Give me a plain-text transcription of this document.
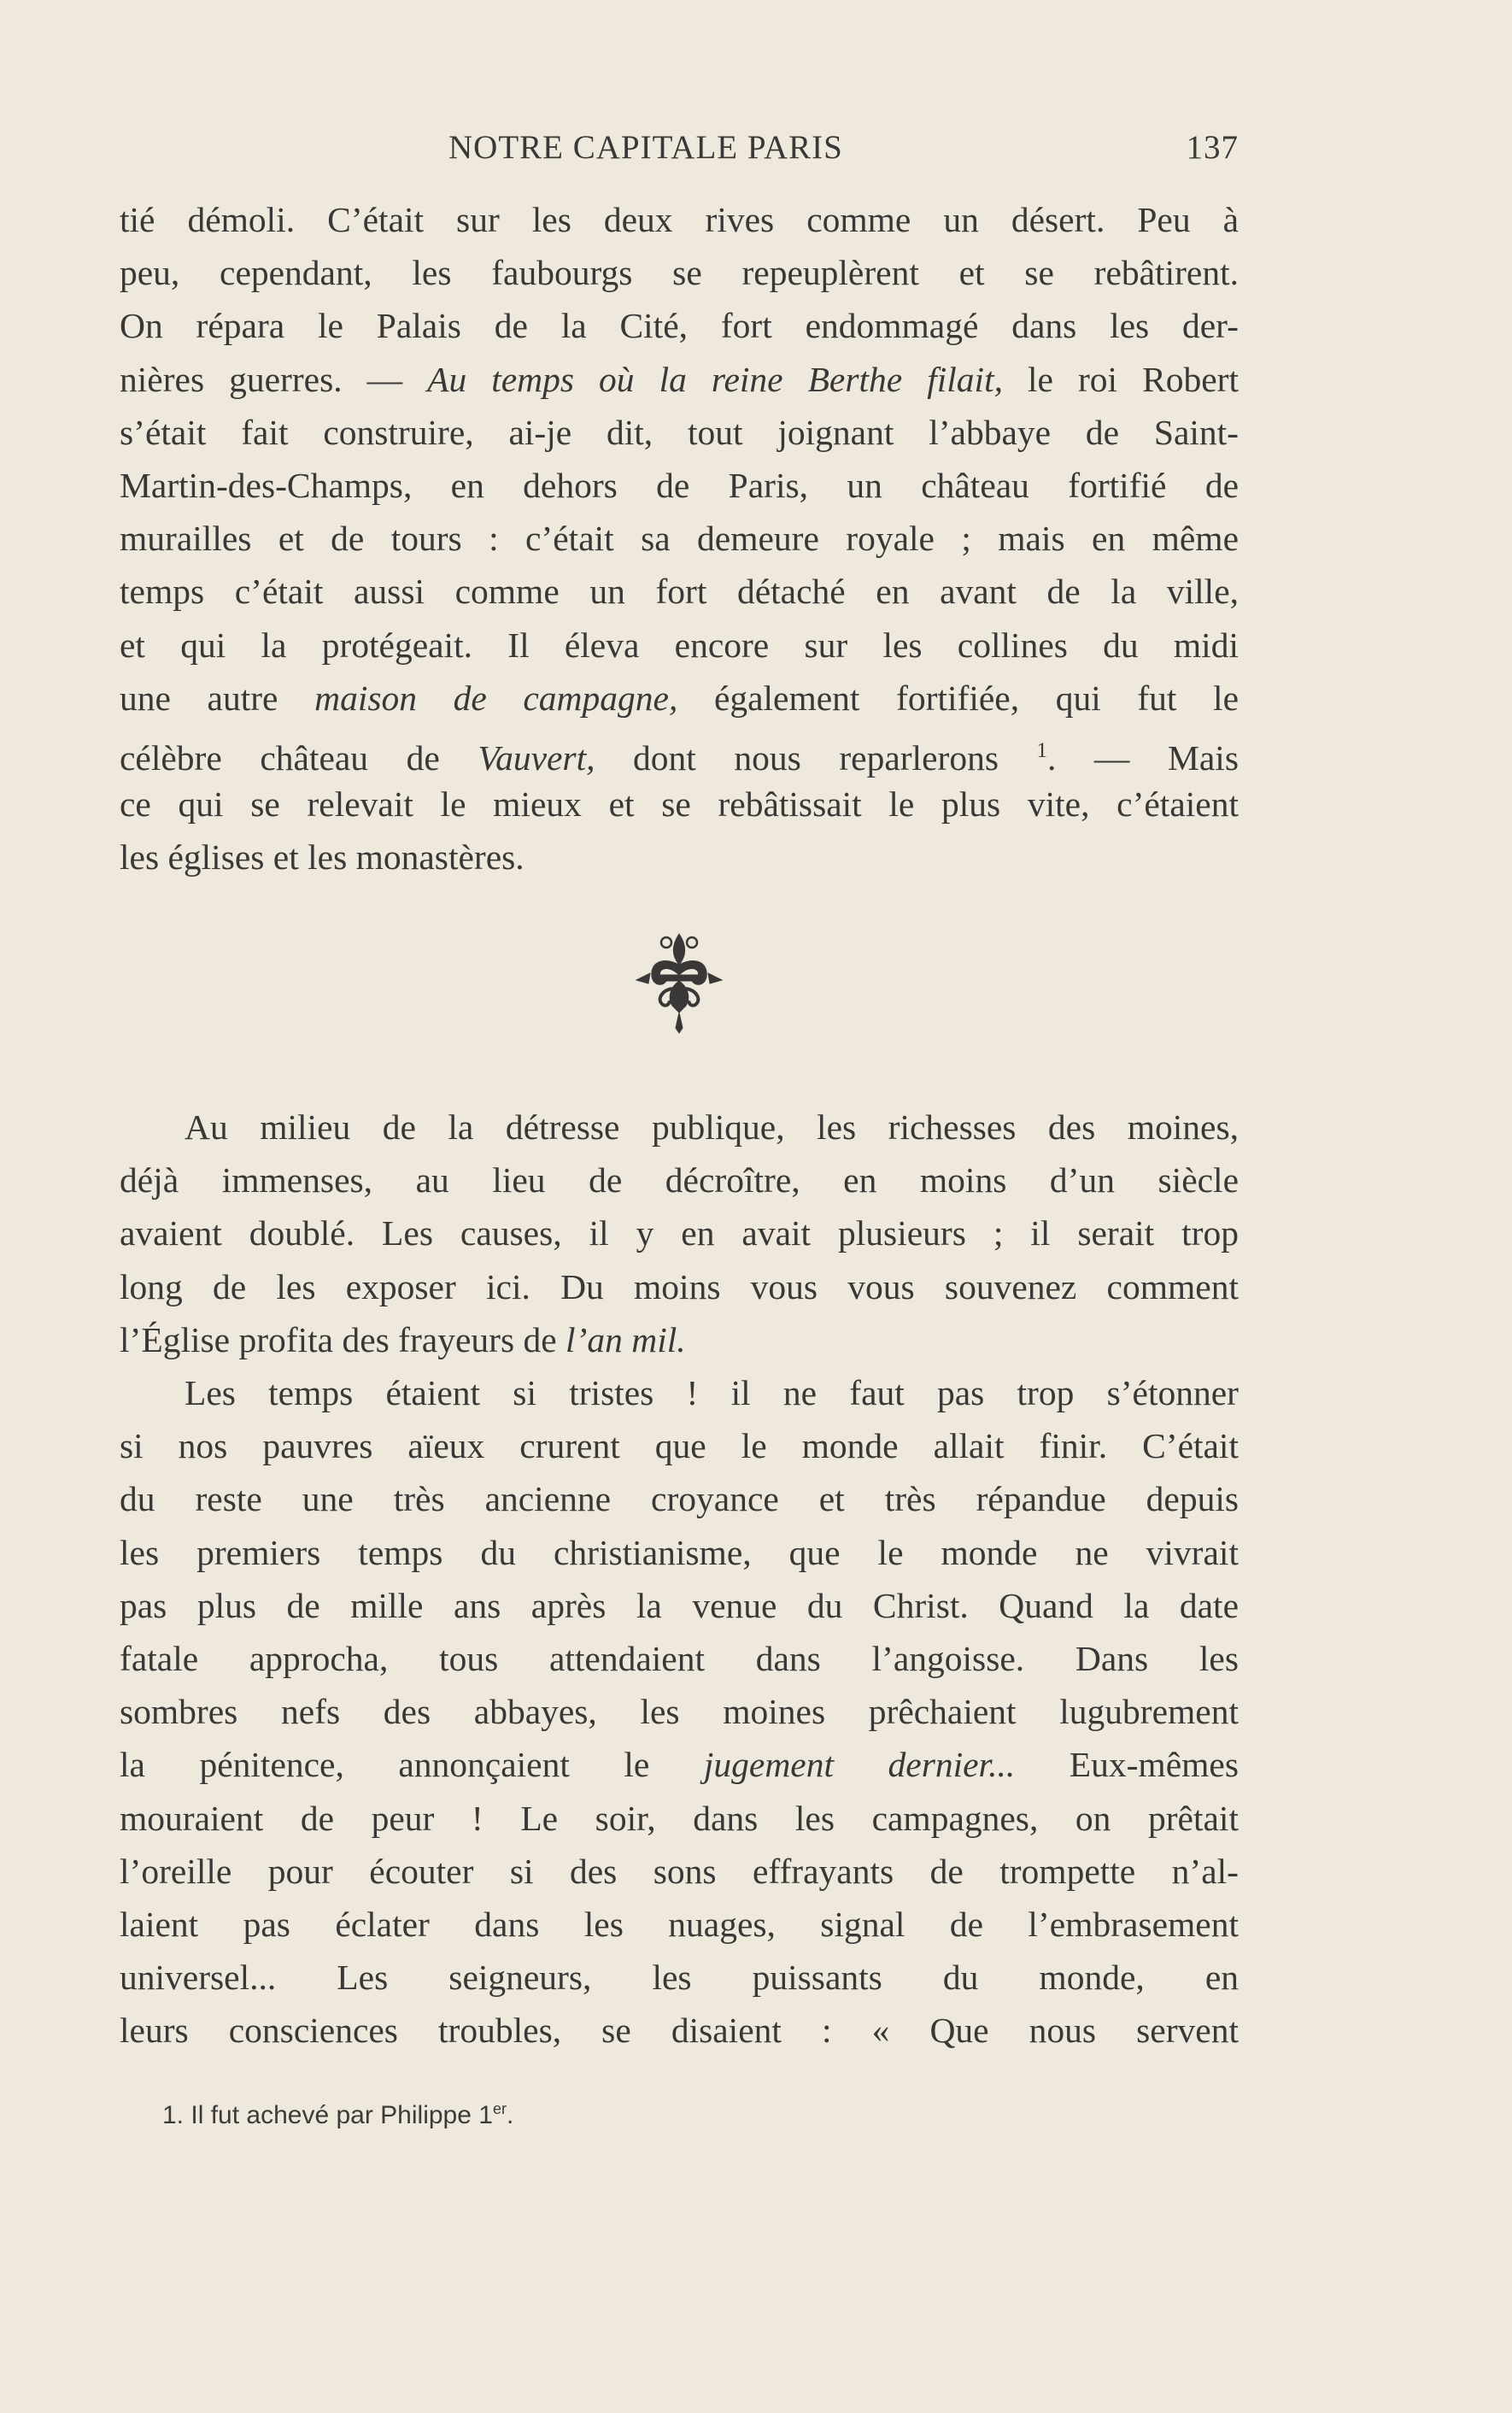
NOTRE CAPITALE PARIS	137
tié démoli. C’était sur les deux rives comme un désert. Peu à
peu, cependant, les faubourgs se repeuplèrent et se rebâtirent.
On répara le Palais de la Cité, fort endommagé dans les der-
nières guerres. — Au temps où la reine Berthe filait, le roi Robert
s’était fait construire, ai-je dit, tout joignant l’abbaye de Saint-
Martin-des-Champs, en dehors de Paris, un château fortifié de
murailles et de tours : c’était sa demeure royale ; mais en même
temps c’était aussi comme un fort détaché en avant de la ville,
et qui la protégeait. Il éleva encore sur les collines du midi
une autre maison de campagne, également fortifiée, qui fut le
célèbre château de Vauvert, dont nous reparlerons $^1$. — Mais
ce qui se relevait le mieux et se rebâtissait le plus vite, c’étaient
les églises et les monastères.
Au milieu de la détresse publique, les richesses des moines,
déjà immenses, au lieu de décroître, en moins d’un siècle
avaient doublé. Les causes, il y en avait plusieurs ; il serait trop
long de les exposer ici. Du moins vous vous souvenez comment
l’Église profita des frayeurs de l’an mil.
Les temps étaient si tristes ! il ne faut pas trop s’étonner
si nos pauvres aïeux crurent que le monde allait finir. C’était
du reste une très ancienne croyance et très répandue depuis
les premiers temps du christianisme, que le monde ne vivrait
pas plus de mille ans après la venue du Christ. Quand la date
fatale approcha, tous attendaient dans l’angoisse. Dans les
sombres nefs des abbayes, les moines prêchaient lugubrement
la pénitence, annonçaient le jugement dernier... Eux-mêmes
mouraient de peur ! Le soir, dans les campagnes, on prêtait
l’oreille pour écouter si des sons effrayants de trompette n’al-
laient pas éclater dans les nuages, signal de l’embrasement
universel... Les seigneurs, les puissants du monde, en
leurs consciences troubles, se disaient : « Que nous servent
1. Il fut achevé par Philippe 1er.
